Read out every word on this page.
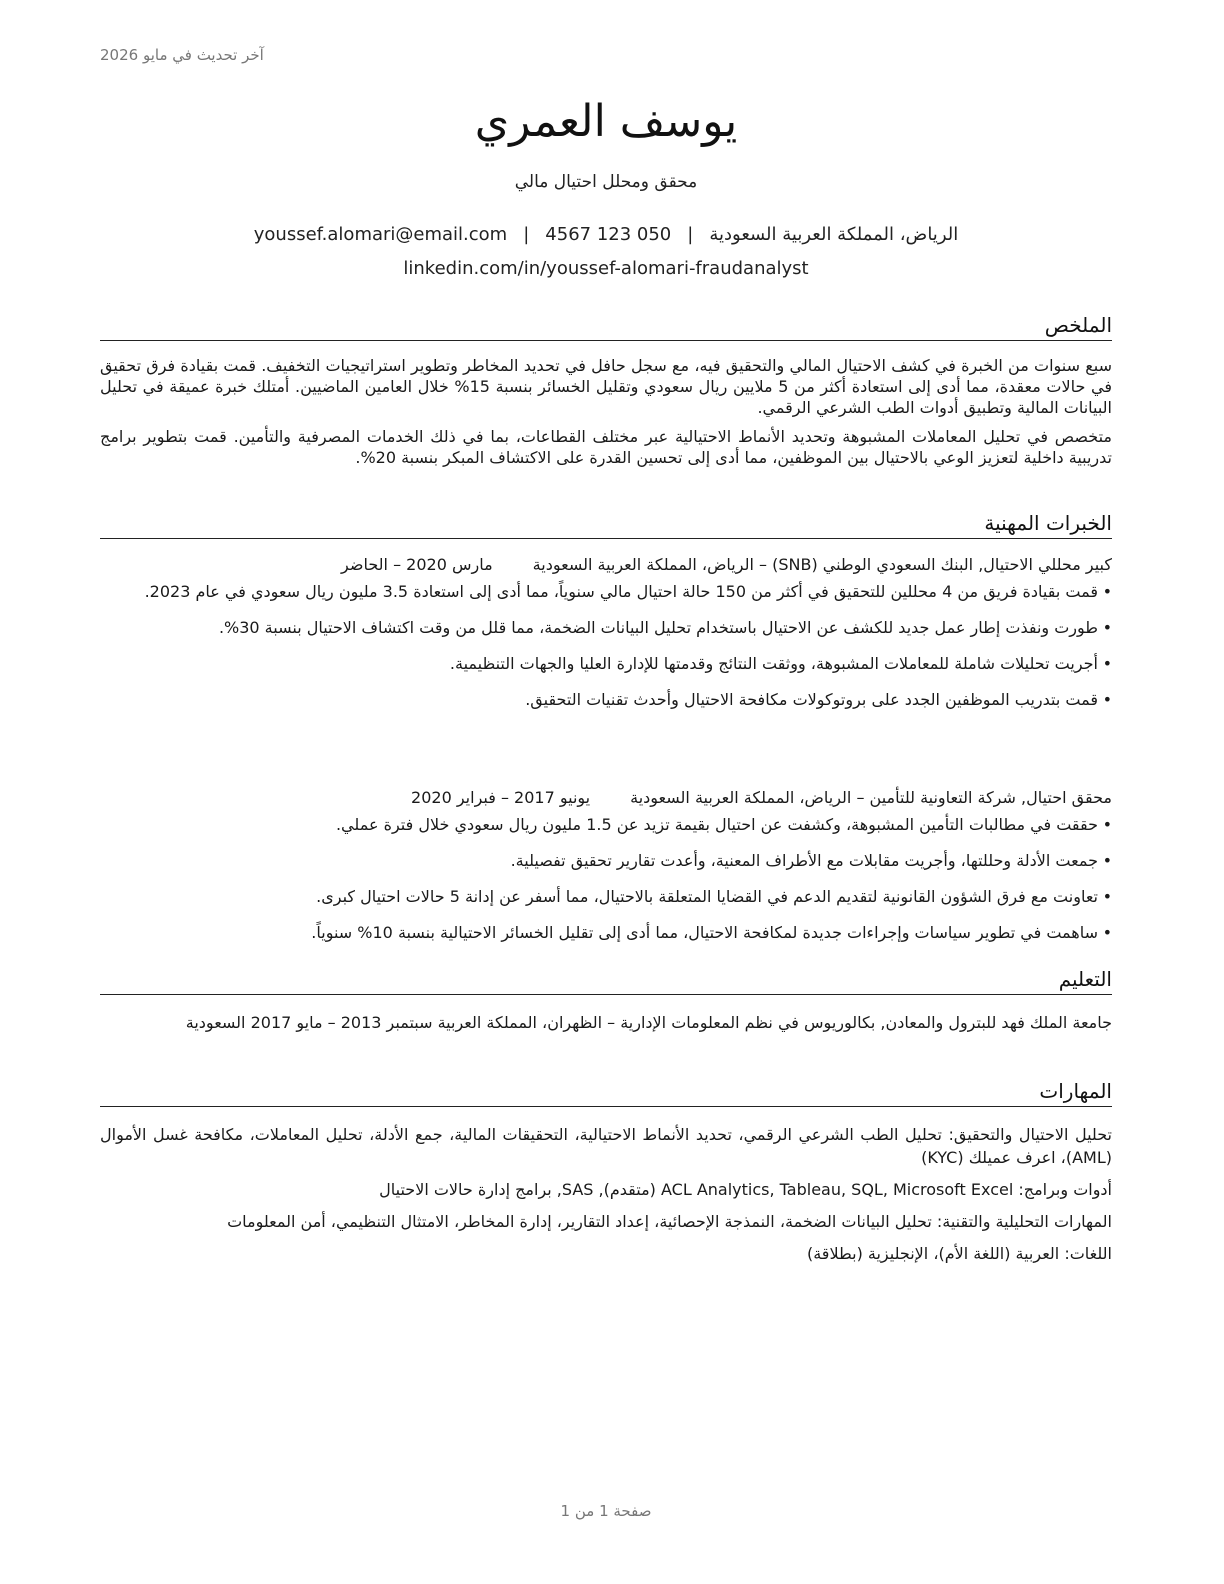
آخر تحديث في مايو 2026
يوسف العمري
محقق ومحلل احتيال مالي
الرياض، المملكة العربية السعودية|youssef.alomari@email.com | 4567 123 050
linkedin.com/in/youssef-alomari-fraudanalyst
الملخص

سبع سنوات من الخبرة في كشف الاحتيال المالي والتحقيق فيه، مع سجل حافل في تحديد المخاطر وتطوير استراتيجيات التخفيف. قمت بقيادة فرق تحقيق في حالات معقدة، مما أدى إلى استعادة أكثر من 5 ملايين ريال سعودي وتقليل الخسائر بنسبة 15% خلال العامين الماضيين. أمتلك خبرة عميقة في تحليل البيانات المالية وتطبيق أدوات الطب الشرعي الرقمي.

متخصص في تحليل المعاملات المشبوهة وتحديد الأنماط الاحتيالية عبر مختلف القطاعات، بما في ذلك الخدمات المصرفية والتأمين. قمت بتطوير برامج تدريبية داخلية لتعزيز الوعي بالاحتيال بين الموظفين، مما أدى إلى تحسين القدرة على الاكتشاف المبكر بنسبة 20%.

الخبرات المهنية
كبير محللي الاحتيال, البنك السعودي الوطني (SNB) – الرياض، المملكة العربية السعودية
مارس 2020 – الحاضر
• قمت بقيادة فريق من 4 محللين للتحقيق في أكثر من 150 حالة احتيال مالي سنوياً، مما أدى إلى استعادة 3.5 مليون ريال سعودي في عام 2023.
• طورت ونفذت إطار عمل جديد للكشف عن الاحتيال باستخدام تحليل البيانات الضخمة، مما قلل من وقت اكتشاف الاحتيال بنسبة 30%.
• أجريت تحليلات شاملة للمعاملات المشبوهة، ووثقت النتائج وقدمتها للإدارة العليا والجهات التنظيمية.
• قمت بتدريب الموظفين الجدد على بروتوكولات مكافحة الاحتيال وأحدث تقنيات التحقيق.
محقق احتيال, شركة التعاونية للتأمين – الرياض، المملكة العربية السعودية
يونيو 2017 – فبراير 2020
• حققت في مطالبات التأمين المشبوهة، وكشفت عن احتيال بقيمة تزيد عن 1.5 مليون ريال سعودي خلال فترة عملي.
• جمعت الأدلة وحللتها، وأجريت مقابلات مع الأطراف المعنية، وأعدت تقارير تحقيق تفصيلية.
• تعاونت مع فرق الشؤون القانونية لتقديم الدعم في القضايا المتعلقة بالاحتيال، مما أسفر عن إدانة 5 حالات احتيال كبرى.
• ساهمت في تطوير سياسات وإجراءات جديدة لمكافحة الاحتيال، مما أدى إلى تقليل الخسائر الاحتيالية بنسبة 10% سنوياً.
التعليم
جامعة الملك فهد للبترول والمعادن, بكالوريوس في نظم المعلومات الإدارية – الظهران، المملكة العربية سبتمبر 2013 – مايو 2017 السعودية
المهارات

تحليل الاحتيال والتحقيق: تحليل الطب الشرعي الرقمي، تحديد الأنماط الاحتيالية، التحقيقات المالية، جمع الأدلة، تحليل المعاملات، مكافحة غسل الأموال (AML)، اعرف عميلك (KYC)

أدوات وبرامج: ACL Analytics, Tableau, SQL, Microsoft Excel (متقدم), SAS, برامج إدارة حالات الاحتيال

المهارات التحليلية والتقنية: تحليل البيانات الضخمة، النمذجة الإحصائية، إعداد التقارير، إدارة المخاطر، الامتثال التنظيمي، أمن المعلومات

اللغات: العربية (اللغة الأم)، الإنجليزية (بطلاقة)

صفحة 1 من 1
